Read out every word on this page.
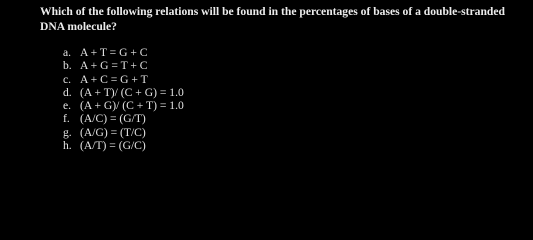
Which of the following relations will be found in the percentages of bases of a double-stranded DNA molecule?
a. A + T = G + C
b. A + G = T + C
c. A + C = G + T
d. (A + T)/ (C + G) = 1.0
e. (A + G)/ (C + T) = 1.0
f. (A/C) = (G/T)
g. (A/G) = (T/C)
h. (A/T) = (G/C)
